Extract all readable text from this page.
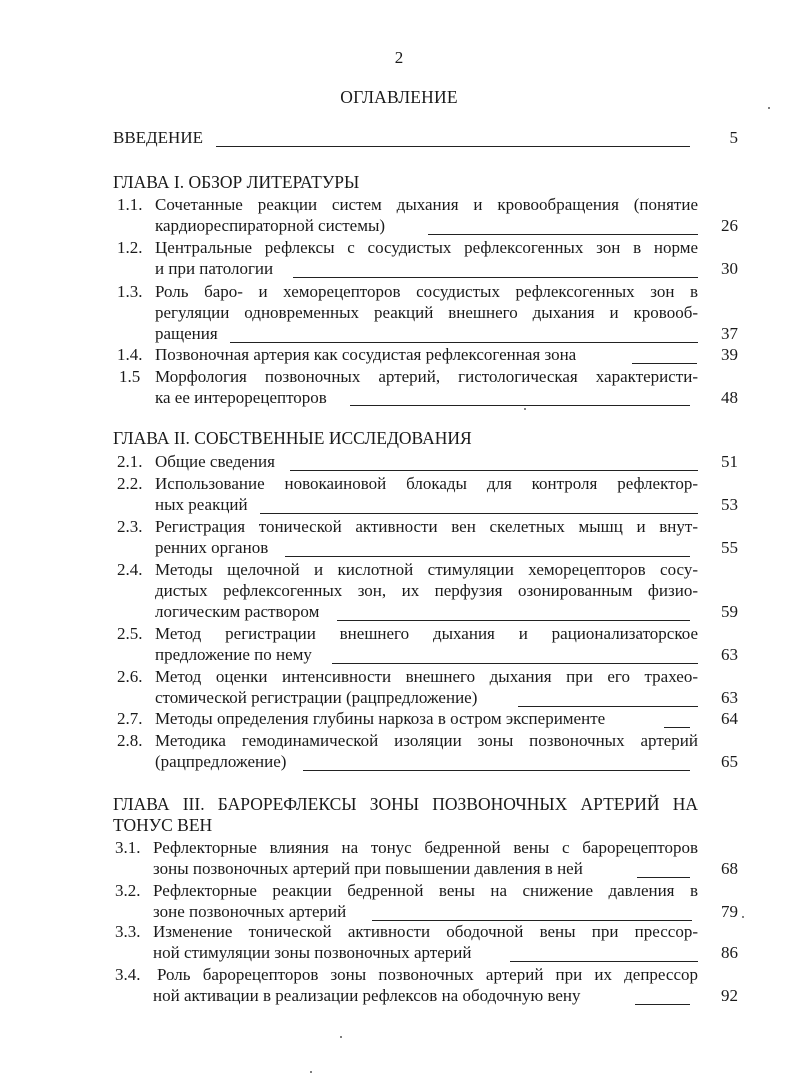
2
ОГЛАВЛЕНИЕ
ВВЕДЕНИЕ	5
ГЛАВА I. ОБЗОР ЛИТЕРАТУРЫ
1.1. Сочетанные реакции систем дыхания и кровообращения (понятие
кардиореспираторной системы)	26
1.2. Центральные рефлексы с сосудистых рефлексогенных зон в норме
и при патологии	30
1.3. Роль баро- и хеморецепторов сосудистых рефлексогенных зон в
регуляции одновременных реакций внешнего дыхания и кровооб-
ращения	37
1.4. Позвоночная артерия как сосудистая рефлексогенная зона	39
1.5 Морфология позвоночных артерий, гистологическая характеристи-
ка ее интерорецепторов	48
ГЛАВА II. СОБСТВЕННЫЕ ИССЛЕДОВАНИЯ
2.1. Общие сведения	51
2.2. Использование новокаиновой блокады для контроля рефлектор-
ных реакций	53
2.3. Регистрация тонической активности вен скелетных мышц и внут-
ренних органов	55
2.4. Методы щелочной и кислотной стимуляции хеморецепторов сосу-
дистых рефлексогенных зон, их перфузия озонированным физио-
логическим раствором	59
2.5. Метод регистрации внешнего дыхания и рационализаторское
предложение по нему	63
2.6. Метод оценки интенсивности внешнего дыхания при его трахео-
стомической регистрации (рацпредложение)	63
2.7. Методы определения глубины наркоза в остром эксперименте	64
2.8. Методика гемодинамической изоляции зоны позвоночных артерий
(рацпредложение)	65
ГЛАВА III. БАРОРЕФЛЕКСЫ ЗОНЫ ПОЗВОНОЧНЫХ АРТЕРИЙ НА
ТОНУС ВЕН
3.1. Рефлекторные влияния на тонус бедренной вены с барорецепторов
зоны позвоночных артерий при повышении давления в ней	68
3.2. Рефлекторные реакции бедренной вены на снижение давления в
зоне позвоночных артерий	79
3.3. Изменение тонической активности ободочной вены при прессор-
ной стимуляции зоны позвоночных артерий	86
3.4. Роль барорецепторов зоны позвоночных артерий при их депрессор
ной активации в реализации рефлексов на ободочную вену	92
